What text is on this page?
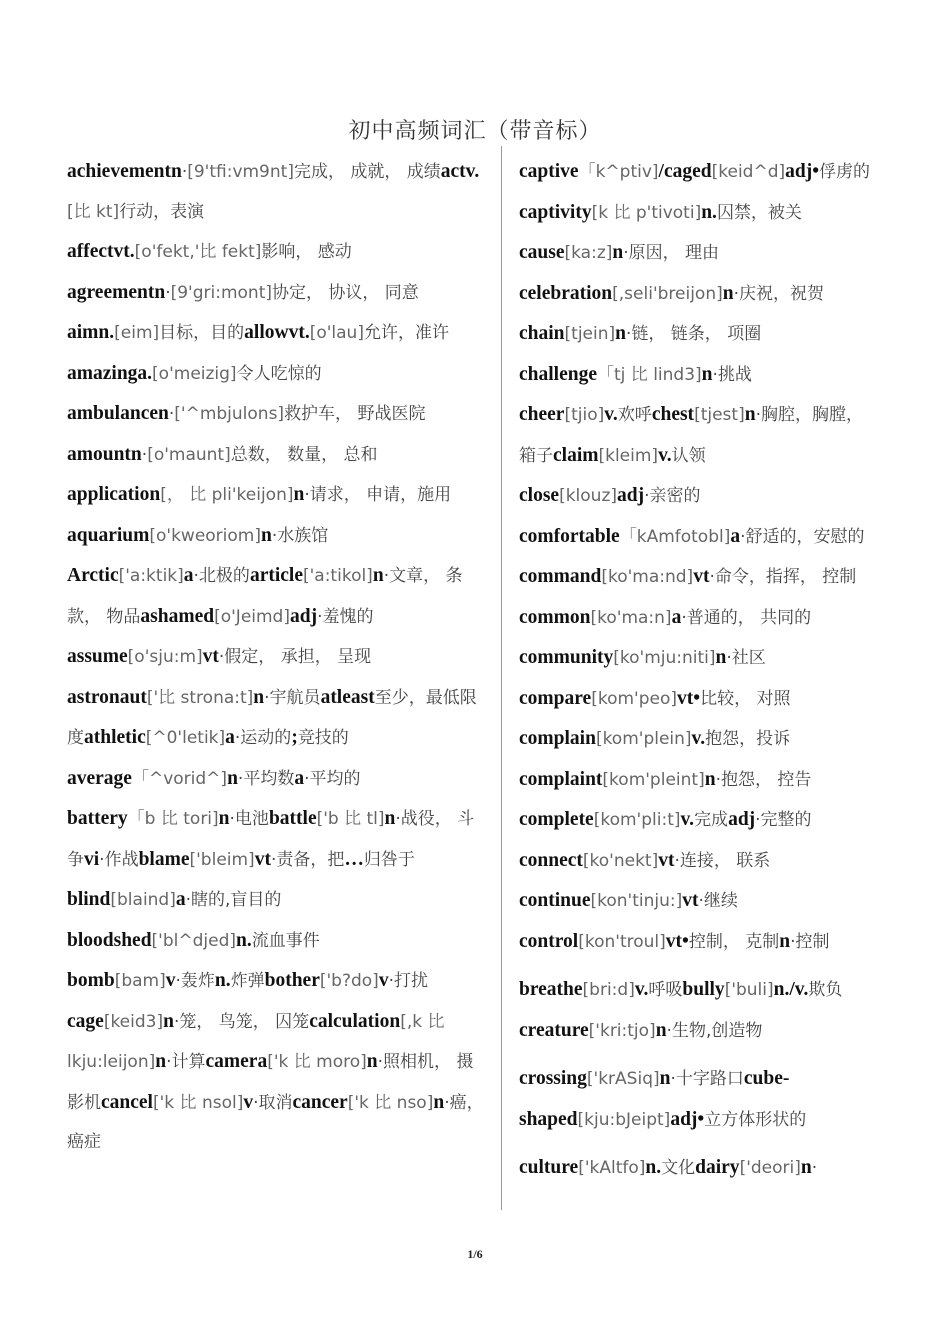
初中高频词汇（带音标）
achievementn·[9'tfi:vm9nt]完成， 成就， 成绩actv.[比 kt]行动，表演
affectvt.[o'fekt,'比 fekt]影响， 感动
agreementn·[9'gri:mont]协定， 协议， 同意
aimn.[eim]目标，目的allowvt.[o'lau]允许，准许amazinga.[o'meizig]令人吃惊的
ambulancen·['^mbjulons]救护车， 野战医院
amountn·[o'maunt]总数， 数量， 总和
application[， 比 pli'keijon]n·请求， 申请，施用aquarium[o'kweoriom]n·水族馆
Arctic['a:ktik]a·北极的article['a:tikol]n·文章， 条款， 物品ashamed[o'Jeimd]adj·羞愧的assume[o'sju:m]vt·假定， 承担， 呈现
astronaut['比 strona:t]n·宇航员atleast至少，最低限度athletic[^0'letik]a·运动的;竞技的
average「^vorid^]n·平均数a·平均的
battery「b 比 tori]n·电池battle['b 比 tl]n·战役， 斗争vi·作战blame['bleim]vt·责备，把…归咎于blind[blaind]a·瞎的,盲目的
bloodshed['bl^djed]n.流血事件
bomb[bam]v·轰炸n.炸弹bother['b?do]v·打扰
cage[keid3]n·笼， 鸟笼， 囚笼calculation[,k 比 lkju:leijon]n·计算camera['k 比 moro]n·照相机， 摄影机cancel['k 比 nsol]v·取消cancer['k 比 nso]n·癌， 癌症
captive「k^ptiv]/caged[keid^d]adj•俘虏的captivity[k 比 p'tivoti]n.囚禁，被关cause[ka:z]n·原因， 理由
celebration[,seli'breijon]n·庆祝，祝贺
chain[tjein]n·链， 链条， 项圈
challenge「tj 比 lind3]n·挑战
cheer[tjio]v.欢呼chest[tjest]n·胸腔，胸膛， 箱子claim[kleim]v.认领
close[klouz]adj·亲密的
comfortable「kAmfotobl]a·舒适的，安慰的command[ko'ma:nd]vt·命令，指挥， 控制common[ko'ma:n]a·普通的， 共同的community[ko'mju:niti]n·社区compare[kom'peo]vt•比较， 对照
complain[kom'plein]v.抱怨，投诉
complaint[kom'pleint]n·抱怨， 控告
complete[kom'pli:t]v.完成adj·完整的
connect[ko'nekt]vt·连接， 联系
continue[kon'tinju:]vt·继续
control[kon'troul]vt•控制， 克制n·控制
breathe[bri:d]v.呼吸bully['buli]n./v.欺负creature['kri:tjo]n·生物,创造物
crossing['krASiq]n·十字路口cube-shaped[kju:bJeipt]adj•立方体形状的
culture['kAltfo]n.文化dairy['deori]n·
1/6
